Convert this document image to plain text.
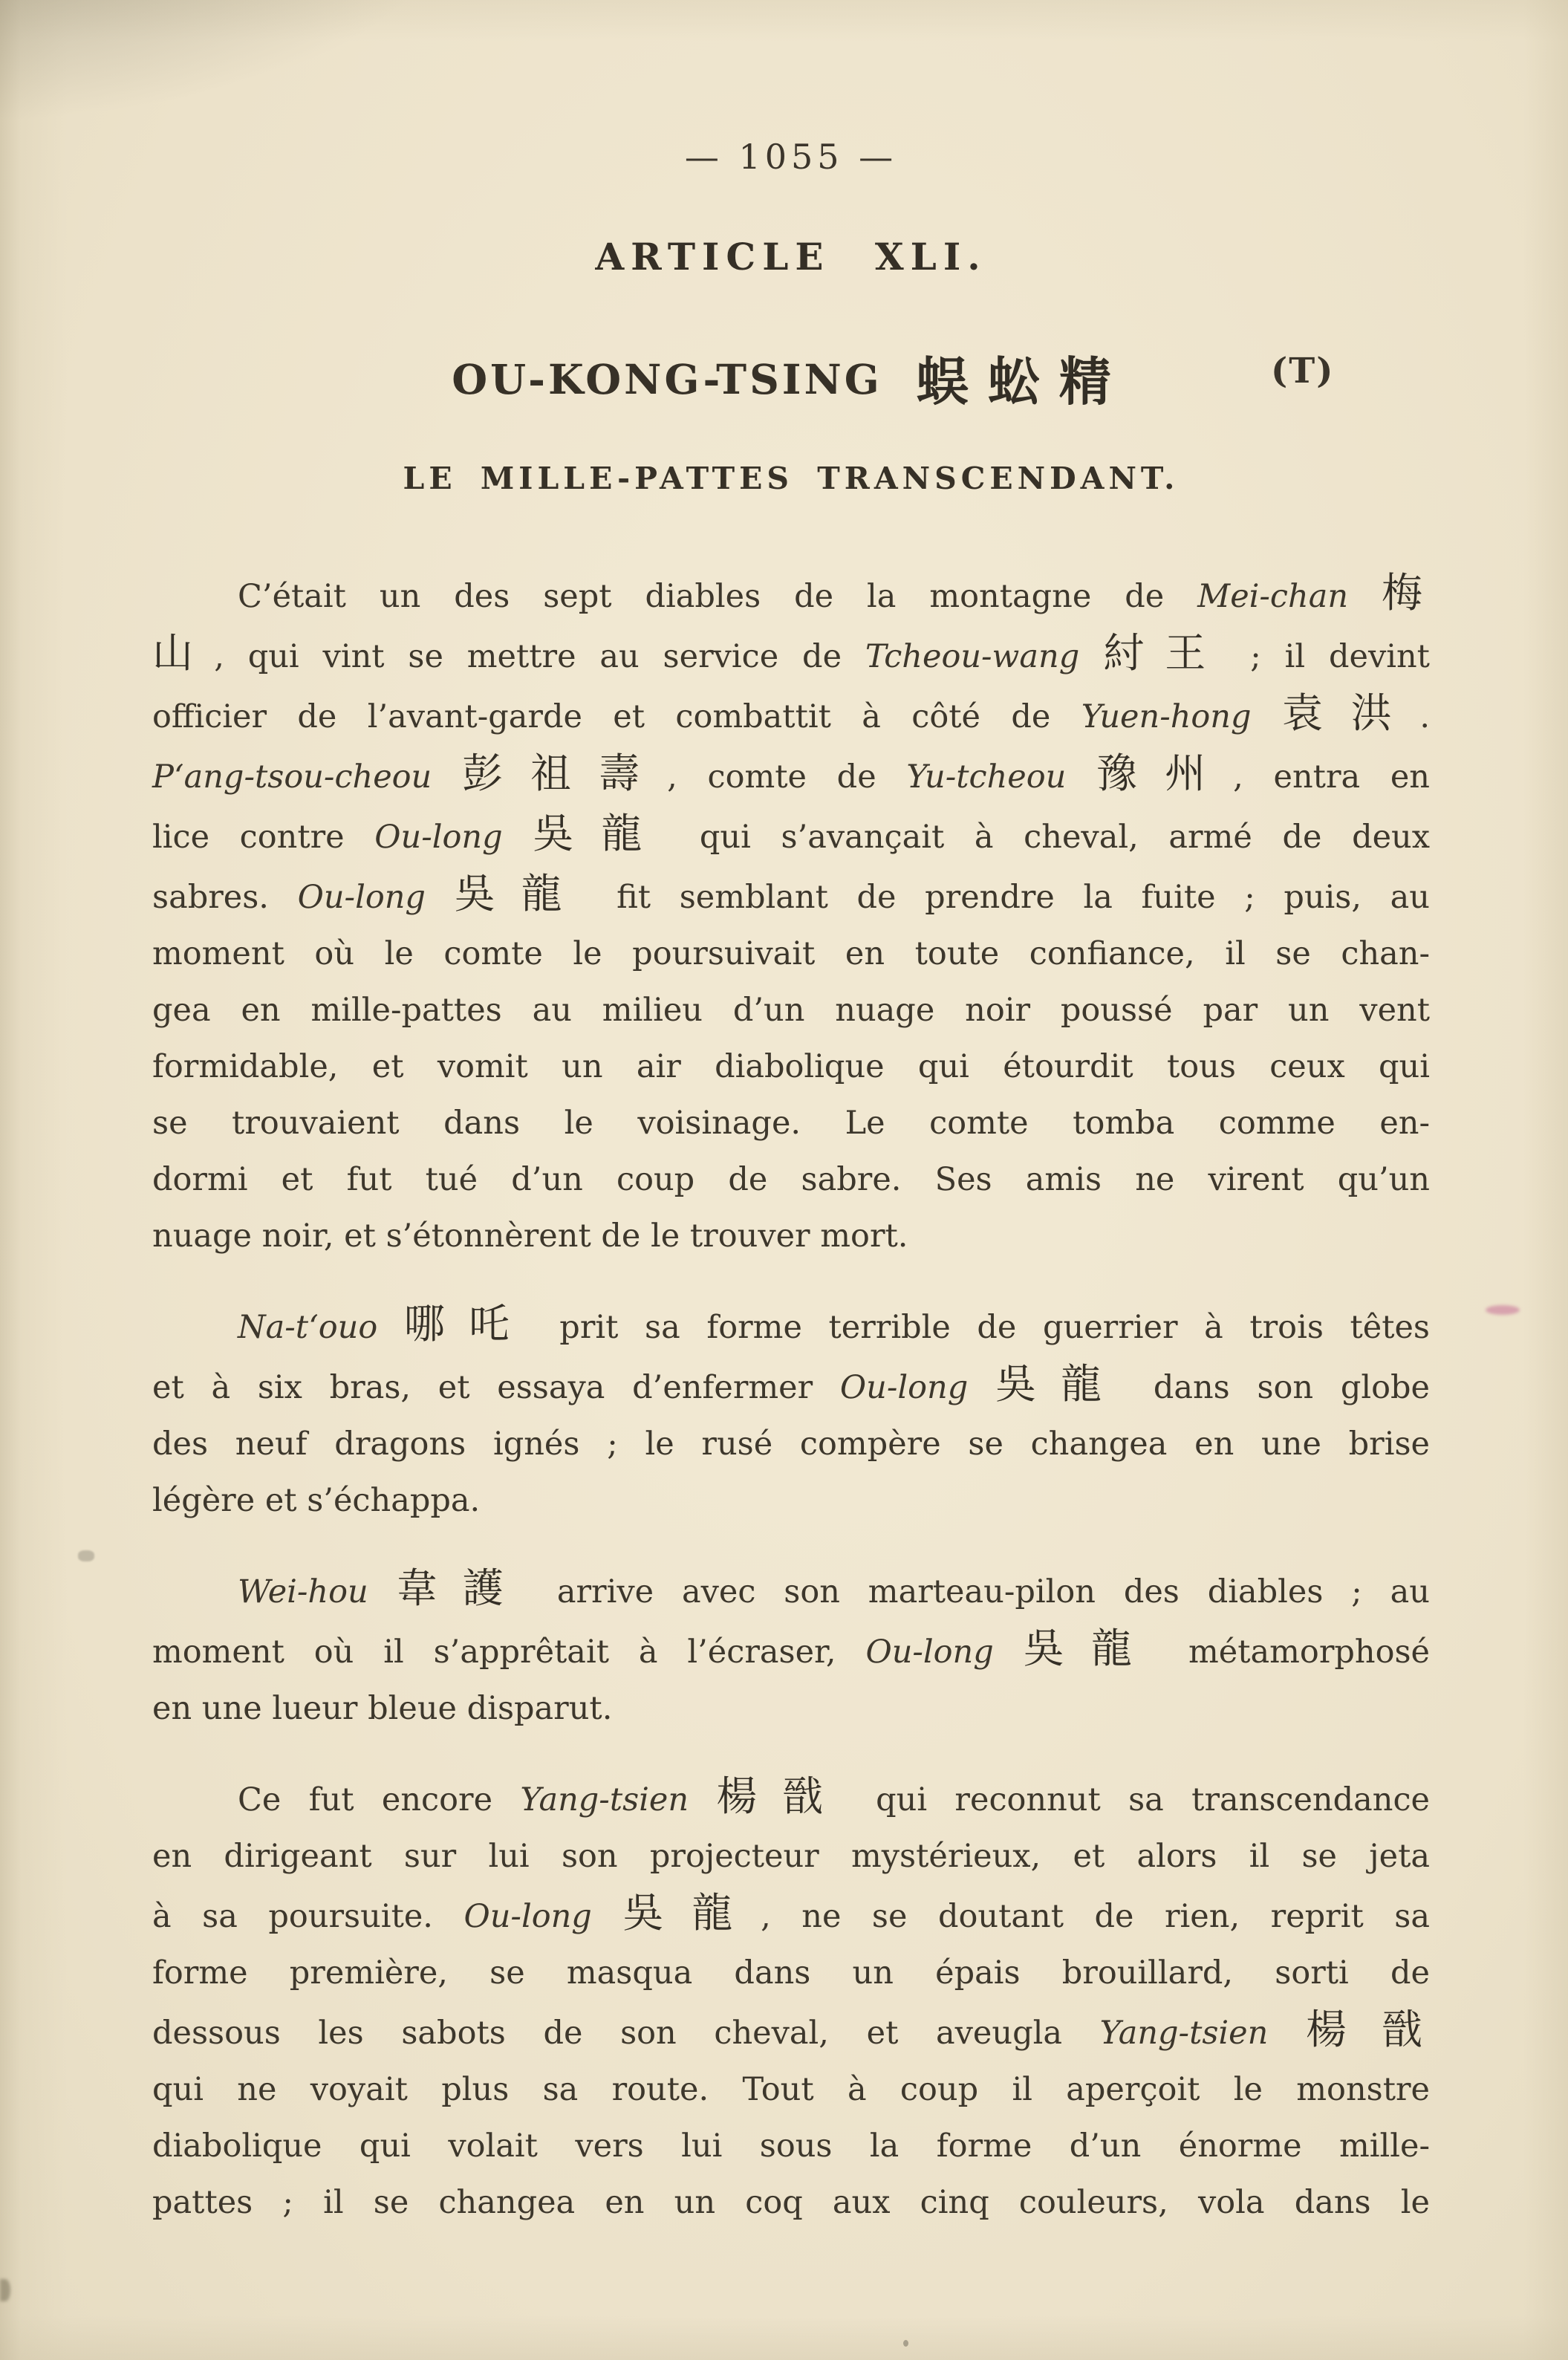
— 1055 —
ARTICLE XLI.
OU-KONG-TSING 蜈蚣精	(T)
LE MILLE-PATTES TRANSCENDANT.
C’était un des sept diables de la montagne de Mei-chan 梅
山, qui vint se mettre au service de Tcheou-wang 紂王 ; il devint
officier de l’avant-garde et combattit à côté de Yuen-hong 袁洪.
P‘ang-tsou-cheou 彭祖壽, comte de Yu-tcheou 豫州, entra en
lice contre Ou-long 吳龍 qui s’avançait à cheval, armé de deux
sabres. Ou-long 吳龍 fit semblant de prendre la fuite ; puis, au
moment où le comte le poursuivait en toute confiance, il se chan-
gea en mille-pattes au milieu d’un nuage noir poussé par un vent
formidable, et vomit un air diabolique qui étourdit tous ceux qui
se trouvaient dans le voisinage. Le comte tomba comme en-
dormi et fut tué d’un coup de sabre. Ses amis ne virent qu’un
nuage noir, et s’étonnèrent de le trouver mort.
Na-t‘ouo 哪吒 prit sa forme terrible de guerrier à trois têtes
et à six bras, et essaya d’enfermer Ou-long 吳龍 dans son globe
des neuf dragons ignés ; le rusé compère se changea en une brise
légère et s’échappa.
Wei-hou 韋護 arrive avec son marteau-pilon des diables ; au
moment où il s’apprêtait à l’écraser, Ou-long 吳龍 métamorphosé
en une lueur bleue disparut.
Ce fut encore Yang-tsien 楊戩 qui reconnut sa transcendance
en dirigeant sur lui son projecteur mystérieux, et alors il se jeta
à sa poursuite. Ou-long 吳龍, ne se doutant de rien, reprit sa
forme première, se masqua dans un épais brouillard, sorti de
dessous les sabots de son cheval, et aveugla Yang-tsien 楊戩
qui ne voyait plus sa route. Tout à coup il aperçoit le monstre
diabolique qui volait vers lui sous la forme d’un énorme mille-
pattes ; il se changea en un coq aux cinq couleurs, vola dans le
